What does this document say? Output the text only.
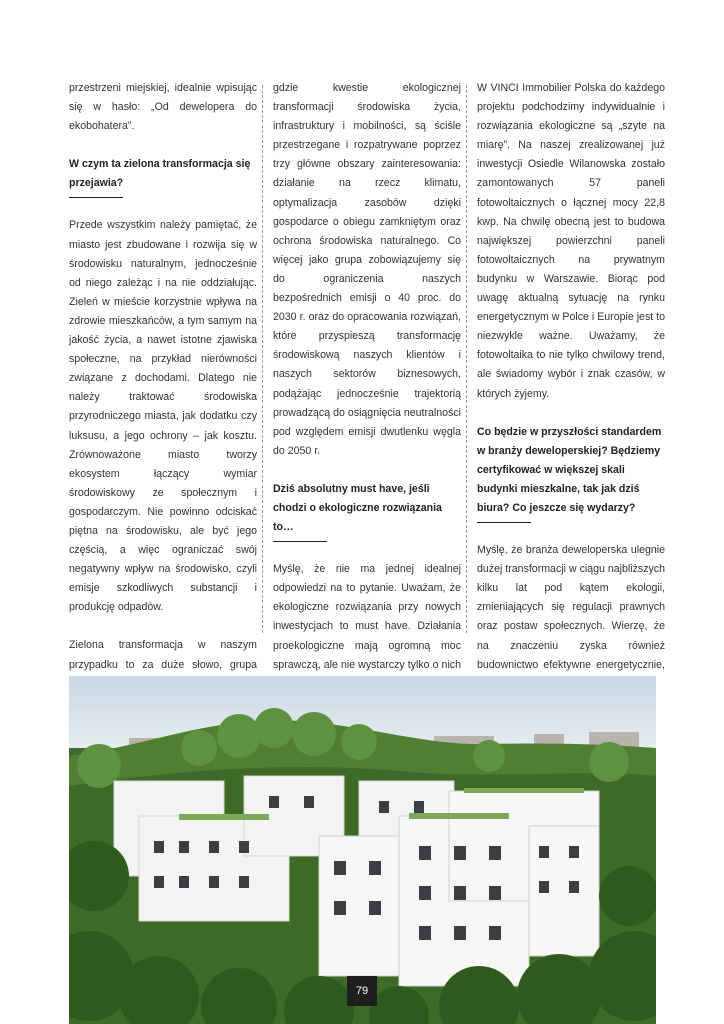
przestrzeni miejskiej, idealnie wpisując się w hasło: „Od dewelopera do ekobohatera”.

W czym ta zielona transformacja się przejawia?

Przede wszystkim należy pamiętać, że miasto jest zbudowane i rozwija się w środowisku naturalnym, jednocześnie od niego zależąc i na nie oddziałując. Zieleń w mieście korzystnie wpływa na zdrowie mieszkańców, a tym samym na jakość życia, a nawet istotne zjawiska społeczne, na przykład nierówności związane z dochodami. Dlatego nie należy traktować środowiska przyrodniczego miasta, jak dodatku czy luksusu, a jego ochrony – jak kosztu. Zrównoważone miasto tworzy ekosystem łączący wymiar środowiskowy ze społecznym i gospodarczym. Nie powinno odciskać piętna na środowisku, ale być jego częścią, a więc ograniczać swój negatywny wpływ na środowisko, czyli emisje szkodliwych substancji i produkcję odpadów.

Zielona transformacja w naszym przypadku to za duże słowo, grupa

gdzie kwestie ekologicznej transformacji środowiska życia, infrastruktury i mobilności, są ściśle przestrzegane i rozpatrywane poprzez trzy główne obszary zainteresowania: działanie na rzecz klimatu, optymalizacja zasobów dzięki gospodarce o obiegu zamkniętym oraz ochrona środowiska naturalnego. Co więcej jako grupa zobowiązujemy się do ograniczenia naszych bezpośrednich emisji o 40 proc. do 2030 r. oraz do opracowania rozwiązań, które przyspieszą transformację środowiskową naszych klientów i naszych sektorów biznesowych, podążając jednocześnie trajektorią prowadzącą do osiągnięcia neutralności pod względem emisji dwutlenku węgla do 2050 r.

Dziś absolutny must have, jeśli chodzi o ekologiczne rozwiązania to…

Myślę, że nie ma jednej idealnej odpowiedzi na to pytanie. Uważam, że ekologiczne rozwiązania przy nowych inwestycjach to must have. Działania proekologiczne mają ogromną moc sprawczą, ale nie wystarczy tylko o nich

W VINCI Immobilier Polska do każdego projektu podchodzimy indywidualnie i rozwiązania ekologiczne są „szyte na miarę”. Na naszej zrealizowanej już inwestycji Osiedle Wilanowska zostało zamontowanych 57 paneli fotowoltaicznych o łącznej mocy 22,8 kwp. Na chwilę obecną jest to budowa największej powierzchni paneli fotowoltaicznych na prywatnym budynku w Warszawie. Biorąc pod uwagę aktualną sytuację na rynku energetycznym w Polce i Europie jest to niezwykle ważne. Uważamy, że fotowoltaika to nie tylko chwilowy trend, ale świadomy wybór i znak czasów, w których żyjemy.

Co będzie w przyszłości standardem w branży deweloperskiej? Będziemy certyfikować w większej skali budynki mieszkalne, tak jak dziś biura? Co jeszcze się wydarzy?

Myślę, że branża deweloperska ulegnie dużej transformacji w ciągu najbliższych kilku lat pod kątem ekologii, zmieniających się regulacji prawnych oraz postaw społecznych. Wierzę, że na znaczeniu zyska również budownictwo efektywne energetycznie,

79
